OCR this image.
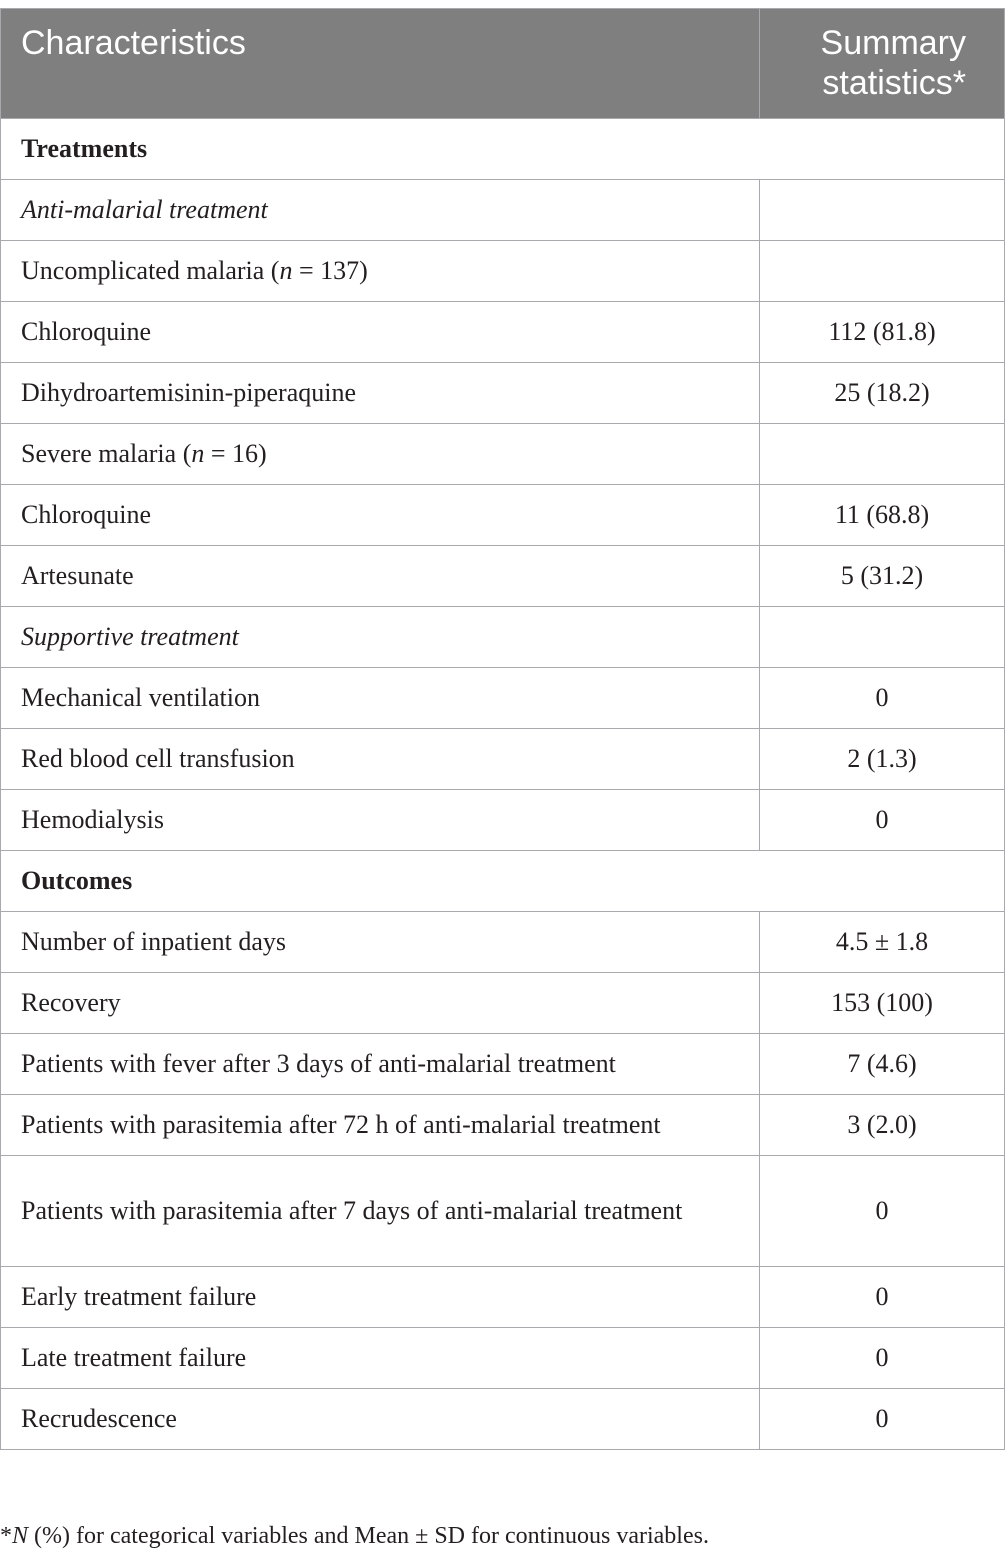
Characteristics	Summary
statistics*
Treatments	
Anti-malarial treatment	
Uncomplicated malaria (n = 137)	
Chloroquine	112 (81.8)
Dihydroartemisinin-piperaquine	25 (18.2)
Severe malaria (n = 16)	
Chloroquine	11 (68.8)
Artesunate	5 (31.2)
Supportive treatment	
Mechanical ventilation	0
Red blood cell transfusion	2 (1.3)
Hemodialysis	0
Outcomes	
Number of inpatient days	4.5 ± 1.8
Recovery	153 (100)
Patients with fever after 3 days of anti-malarial treatment	7 (4.6)
Patients with parasitemia after 72 h of anti-malarial treatment	3 (2.0)
Patients with parasitemia after 7 days of anti-malarial treatment	0
Early treatment failure	0
Late treatment failure	0
Recrudescence	0
*N (%) for categorical variables and Mean ± SD for continuous variables.
